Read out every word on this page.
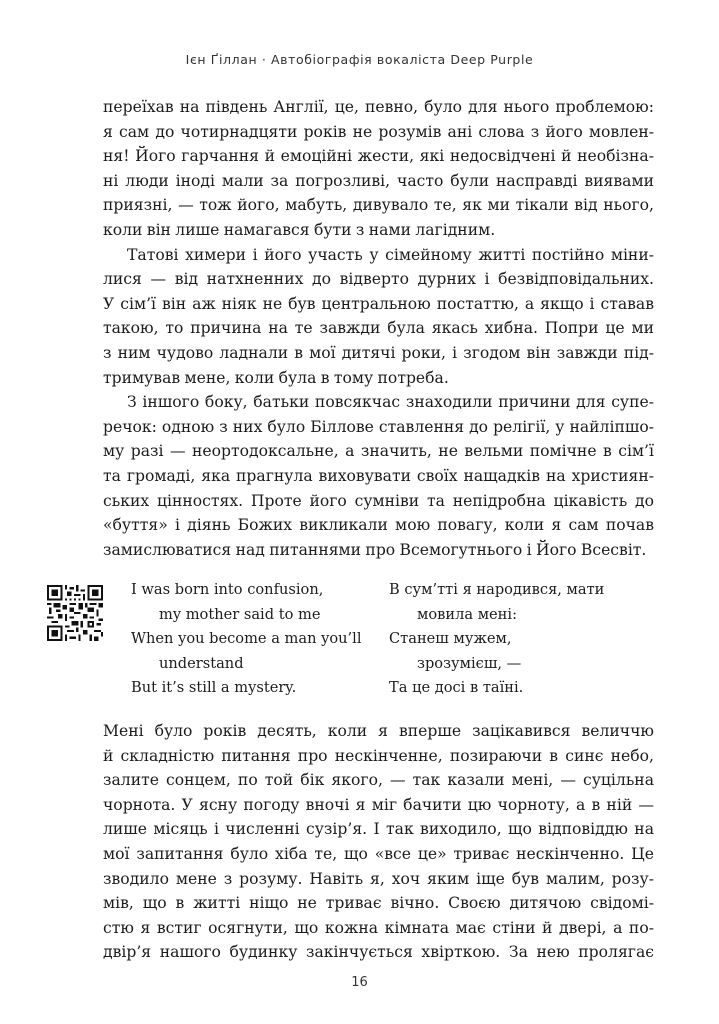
Ієн Ґіллан · Автобіографія вокаліста Deep Purple
переїхав на південь Англії, це, певно, було для нього проблемою:
я сам до чотирнадцяти років не розумів ані слова з його мовлен-
ня! Його гарчання й емоційні жести, які недосвідчені й необізна-
ні люди іноді мали за погрозливі, часто були насправді виявами
приязні, — тож його, мабуть, дивувало те, як ми тікали від нього,
коли він лише намагався бути з нами лагідним.
Татові химери і його участь у сімейному житті постійно міни-
лися — від натхненних до відверто дурних і безвідповідальних.
У сім’ї він аж ніяк не був центральною постаттю, а якщо і ставав
такою, то причина на те завжди була якась хибна. Попри це ми
з ним чудово ладнали в мої дитячі роки, і згодом він завжди під-
тримував мене, коли була в тому потреба.
З іншого боку, батьки повсякчас знаходили причини для супе-
речок: одною з них було Біллове ставлення до релігії, у найліпшо-
му разі — неортодоксальне, а значить, не вельми помічне в сім’ї
та громаді, яка прагнула виховувати своїх нащадків на християн-
ських цінностях. Проте його сумніви та непідробна цікавість до
«буття» і діянь Божих викликали мою повагу, коли я сам почав
замислюватися над питаннями про Всемогутнього і Його Всесвіт.
I was born into confusion,
my mother said to me
When you become a man you’ll
understand
But it’s still a mystery.
В сум’тті я народився, мати
мовила мені:
Станеш мужем,
зрозумієш, —
Та це досі в таїні.
Мені було років десять, коли я вперше зацікавився величчю
й складністю питання про нескінченне, позираючи в синє небо,
залите сонцем, по той бік якого, — так казали мені, — суцільна
чорнота. У ясну погоду вночі я міг бачити цю чорноту, а в ній —
лише місяць і численні сузір’я. І так виходило, що відповіддю на
мої запитання було хіба те, що «все це» триває нескінченно. Це
зводило мене з розуму. Навіть я, хоч яким іще був малим, розу-
мів, що в житті ніщо не триває вічно. Своєю дитячою свідомі-
стю я встиг осягнути, що кожна кімната має стіни й двері, а по-
двір’я нашого будинку закінчується хвірткою. За нею пролягає
16
